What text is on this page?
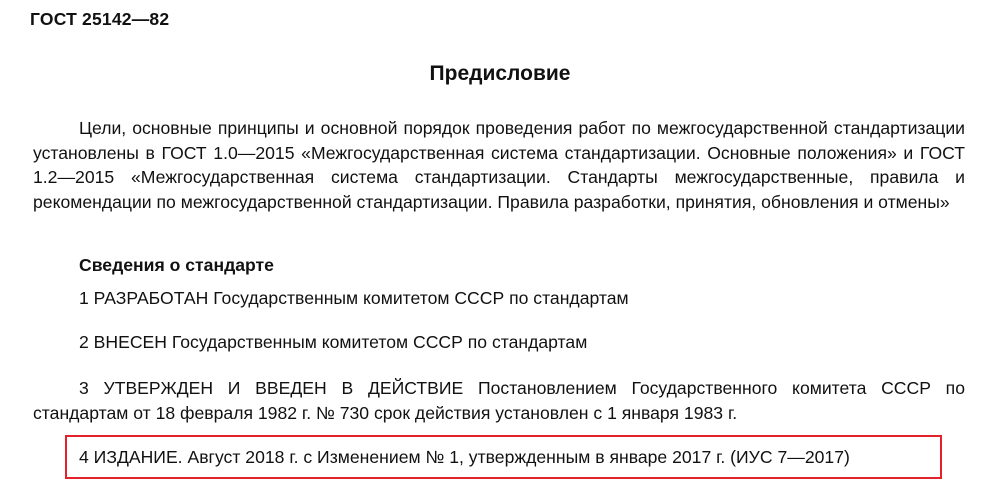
ГОСТ 25142—82
Предисловие
Цели, основные принципы и основной порядок проведения работ по межгосударственной стандартизации установлены в ГОСТ 1.0—2015 «Межгосударственная система стандартизации. Основные положения» и ГОСТ 1.2—2015 «Межгосударственная система стандартизации. Стандарты межгосударственные, правила и рекомендации по межгосударственной стандартизации. Правила разработки, принятия, обновления и отмены»
Сведения о стандарте
1 РАЗРАБОТАН Государственным комитетом СССР по стандартам
2 ВНЕСЕН Государственным комитетом СССР по стандартам
3 УТВЕРЖДЕН И ВВЕДЕН В ДЕЙСТВИЕ Постановлением Государственного комитета СССР по стандартам от 18 февраля 1982 г. № 730 срок действия установлен с 1 января 1983 г.
4 ИЗДАНИЕ. Август 2018 г. с Изменением № 1, утвержденным в январе 2017 г. (ИУС 7—2017)
